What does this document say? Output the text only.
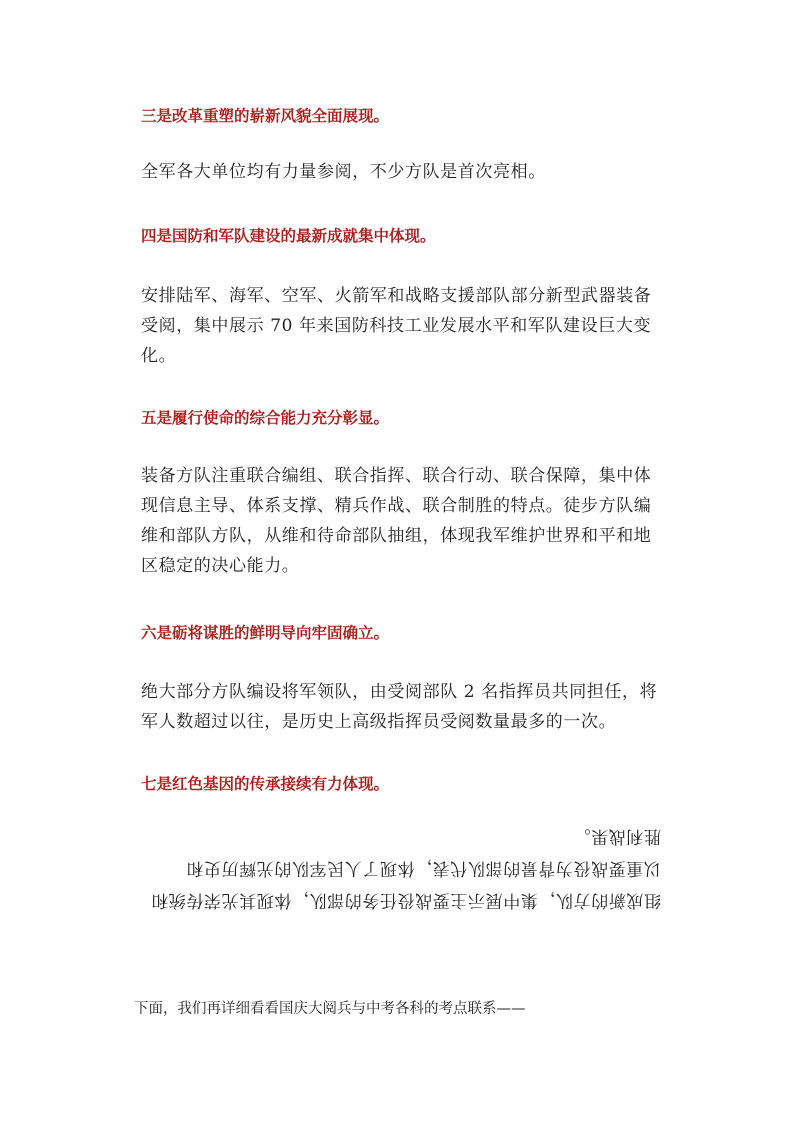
三是改革重塑的崭新风貌全面展现。

全军各大单位均有力量参阅，不少方队是首次亮相。

四是国防和军队建设的最新成就集中体现。

安排陆军、海军、空军、火箭军和战略支援部队部分新型武器装备
受阅，集中展示 70 年来国防科技工业发展水平和军队建设巨大变
化。

五是履行使命的综合能力充分彰显。

装备方队注重联合编组、联合指挥、联合行动、联合保障，集中体
现信息主导、体系支撑、精兵作战、联合制胜的特点。徒步方队编
维和部队方队，从维和待命部队抽组，体现我军维护世界和平和地
区稳定的决心能力。

六是砺将谋胜的鲜明导向牢固确立。

绝大部分方队编设将军领队，由受阅部队 2 名指挥员共同担任，将
军人数超过以往，是历史上高级指挥员受阅数量最多的一次。

七是红色基因的传承接续有力体现。

组成新的方队，集中展示主要战役任务的部队，体现其光荣传统和
以重要战役为背景的部队代表，体现了人民军队的光辉历史和
胜利战果。

下面，我们再详细看看国庆大阅兵与中考各科的考点联系——
